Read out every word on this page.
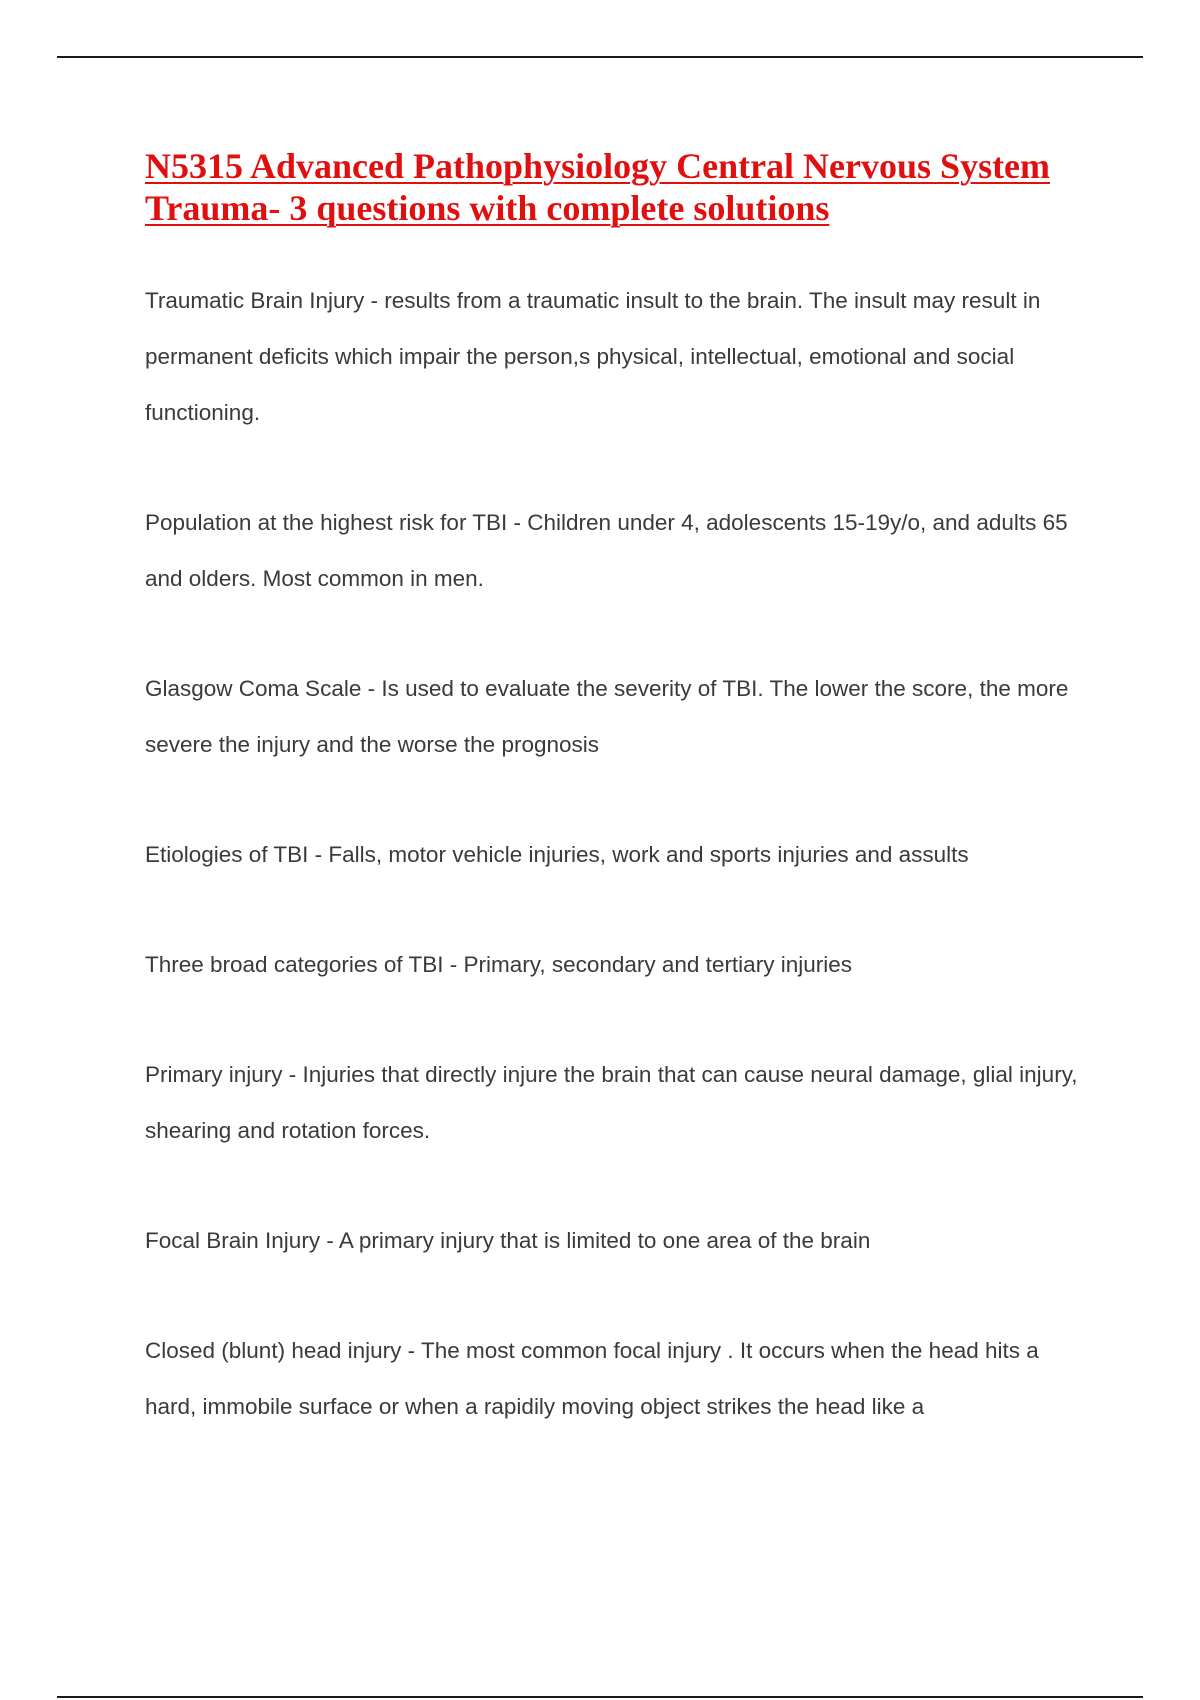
N5315 Advanced Pathophysiology Central Nervous System Trauma- 3 questions with complete solutions

Traumatic Brain Injury - results from a traumatic insult to the brain. The insult may result in permanent deficits which impair the person,s physical, intellectual, emotional and social functioning.

Population at the highest risk for TBI - Children under 4, adolescents 15-19y/o, and adults 65 and olders. Most common in men.

Glasgow Coma Scale - Is used to evaluate the severity of TBI. The lower the score, the more severe the injury and the worse the prognosis

Etiologies of TBI - Falls, motor vehicle injuries, work and sports injuries and assults

Three broad categories of TBI - Primary, secondary and tertiary injuries

Primary injury - Injuries that directly injure the brain that can cause neural damage, glial injury, shearing and rotation forces.

Focal Brain Injury - A primary injury that is limited to one area of the brain

Closed (blunt) head injury - The most common focal injury . It occurs when the head hits a hard, immobile surface or when a rapidily moving object strikes the head like a
